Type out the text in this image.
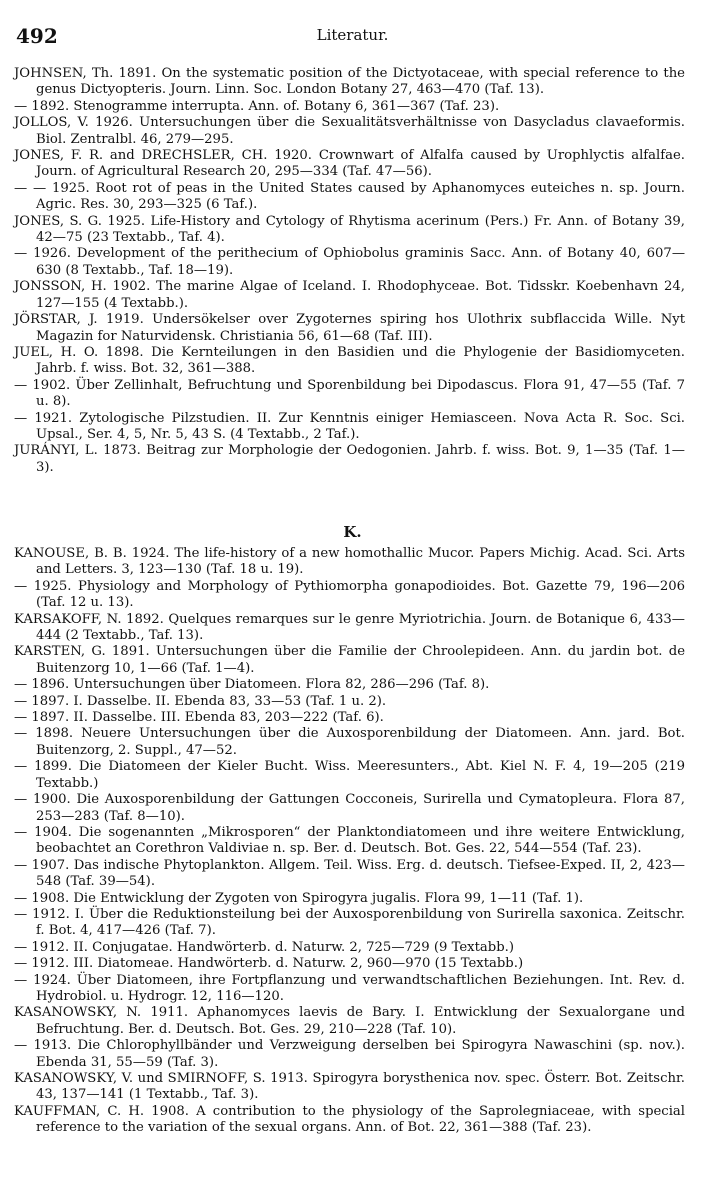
492	Literatur.

JOHNSEN, Th. 1891. On the systematic position of the Dictyotaceae, with special reference to the genus Dictyopteris. Journ. Linn. Soc. London Botany 27, 463—470 (Taf. 13).

— 1892. Stenogramme interrupta. Ann. of. Botany 6, 361—367 (Taf. 23).

JOLLOS, V. 1926. Untersuchungen über die Sexualitätsverhältnisse von Dasycladus clavaeformis. Biol. Zentralbl. 46, 279—295.

JONES, F. R. and DRECHSLER, CH. 1920. Crownwart of Alfalfa caused by Urophlyctis alfalfae. Journ. of Agricultural Research 20, 295—334 (Taf. 47—56).

— — 1925. Root rot of peas in the United States caused by Aphanomyces euteiches n. sp. Journ. Agric. Res. 30, 293—325 (6 Taf.).

JONES, S. G. 1925. Life-History and Cytology of Rhytisma acerinum (Pers.) Fr. Ann. of Botany 39, 42—75 (23 Textabb., Taf. 4).

— 1926. Development of the perithecium of Ophiobolus graminis Sacc. Ann. of Botany 40, 607—630 (8 Textabb., Taf. 18—19).

JONSSON, H. 1902. The marine Algae of Iceland. I. Rhodophyceae. Bot. Tidsskr. Koebenhavn 24, 127—155 (4 Textabb.).

JÖRSTAR, J. 1919. Undersökelser over Zygoternes spiring hos Ulothrix subflaccida Wille. Nyt Magazin for Naturvidensk. Christiania 56, 61—68 (Taf. III).

JUEL, H. O. 1898. Die Kernteilungen in den Basidien und die Phylogenie der Basidiomyceten. Jahrb. f. wiss. Bot. 32, 361—388.

— 1902. Über Zellinhalt, Befruchtung und Sporenbildung bei Dipodascus. Flora 91, 47—55 (Taf. 7 u. 8).

— 1921. Zytologische Pilzstudien. II. Zur Kenntnis einiger Hemiasceen. Nova Acta R. Soc. Sci. Upsal., Ser. 4, 5, Nr. 5, 43 S. (4 Textabb., 2 Taf.).

JURÁNYI, L. 1873. Beitrag zur Morphologie der Oedogonien. Jahrb. f. wiss. Bot. 9, 1—35 (Taf. 1—3).

K.

KANOUSE, B. B. 1924. The life-history of a new homothallic Mucor. Papers Michig. Acad. Sci. Arts and Letters. 3, 123—130 (Taf. 18 u. 19).

— 1925. Physiology and Morphology of Pythiomorpha gonapodioides. Bot. Gazette 79, 196—206 (Taf. 12 u. 13).

KARSAKOFF, N. 1892. Quelques remarques sur le genre Myriotrichia. Journ. de Botanique 6, 433—444 (2 Textabb., Taf. 13).

KARSTEN, G. 1891. Untersuchungen über die Familie der Chroolepideen. Ann. du jardin bot. de Buitenzorg 10, 1—66 (Taf. 1—4).

— 1896. Untersuchungen über Diatomeen. Flora 82, 286—296 (Taf. 8).

— 1897. I. Dasselbe. II. Ebenda 83, 33—53 (Taf. 1 u. 2).

— 1897. II. Dasselbe. III. Ebenda 83, 203—222 (Taf. 6).

— 1898. Neuere Untersuchungen über die Auxosporenbildung der Diatomeen. Ann. jard. Bot. Buitenzorg, 2. Suppl., 47—52.

— 1899. Die Diatomeen der Kieler Bucht. Wiss. Meeresunters., Abt. Kiel N. F. 4, 19—205 (219 Textabb.)

— 1900. Die Auxosporenbildung der Gattungen Cocconeis, Surirella und Cymatopleura. Flora 87, 253—283 (Taf. 8—10).

— 1904. Die sogenannten „Mikrosporen“ der Planktondiatomeen und ihre weitere Entwicklung, beobachtet an Corethron Valdiviae n. sp. Ber. d. Deutsch. Bot. Ges. 22, 544—554 (Taf. 23).

— 1907. Das indische Phytoplankton. Allgem. Teil. Wiss. Erg. d. deutsch. Tiefsee-Exped. II, 2, 423—548 (Taf. 39—54).

— 1908. Die Entwicklung der Zygoten von Spirogyra jugalis. Flora 99, 1—11 (Taf. 1).

— 1912. I. Über die Reduktionsteilung bei der Auxosporenbildung von Surirella saxonica. Zeitschr. f. Bot. 4, 417—426 (Taf. 7).

— 1912. II. Conjugatae. Handwörterb. d. Naturw. 2, 725—729 (9 Textabb.)

— 1912. III. Diatomeae. Handwörterb. d. Naturw. 2, 960—970 (15 Textabb.)

— 1924. Über Diatomeen, ihre Fortpflanzung und verwandtschaftlichen Beziehungen. Int. Rev. d. Hydrobiol. u. Hydrogr. 12, 116—120.

KASANOWSKY, N. 1911. Aphanomyces laevis de Bary. I. Entwicklung der Sexualorgane und Befruchtung. Ber. d. Deutsch. Bot. Ges. 29, 210—228 (Taf. 10).

— 1913. Die Chlorophyllbänder und Verzweigung derselben bei Spirogyra Nawaschini (sp. nov.). Ebenda 31, 55—59 (Taf. 3).

KASANOWSKY, V. und SMIRNOFF, S. 1913. Spirogyra borysthenica nov. spec. Österr. Bot. Zeitschr. 43, 137—141 (1 Textabb., Taf. 3).

KAUFFMAN, C. H. 1908. A contribution to the physiology of the Saprolegniaceae, with special reference to the variation of the sexual organs. Ann. of Bot. 22, 361—388 (Taf. 23).
